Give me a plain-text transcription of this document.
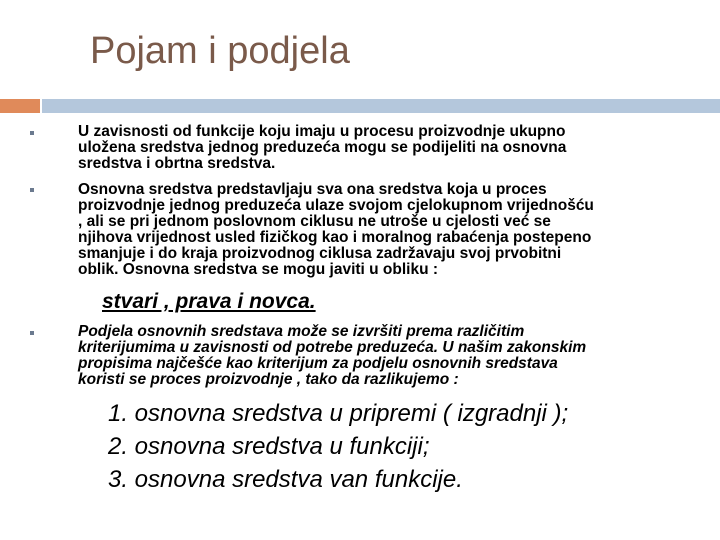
Pojam i podjela
U zavisnosti od funkcije koju imaju u procesu proizvodnje ukupno
uložena sredstva jednog preduzeća mogu se podijeliti na osnovna
sredstva i obrtna sredstva.
Osnovna sredstva predstavljaju sva ona sredstva koja u proces
proizvodnje jednog preduzeća ulaze svojom cjelokupnom vrijednošću
, ali se pri jednom poslovnom ciklusu ne utroše u cjelosti već se
njihova vrijednost usled fizičkog kao i moralnog rabaćenja postepeno
smanjuje i do kraja proizvodnog ciklusa zadržavaju svoj prvobitni
oblik. Osnovna sredstva se mogu javiti u obliku :
stvari , prava i novca.
Podjela osnovnih sredstava može se izvršiti prema različitim
kriterijumima u zavisnosti od potrebe preduzeća. U našim zakonskim
propisima najčešće kao kriterijum za podjelu osnovnih sredstava
koristi se proces proizvodnje , tako da razlikujemo :
1. osnovna sredstva u pripremi ( izgradnji );
2. osnovna sredstva u funkciji;
3. osnovna sredstva van funkcije.
